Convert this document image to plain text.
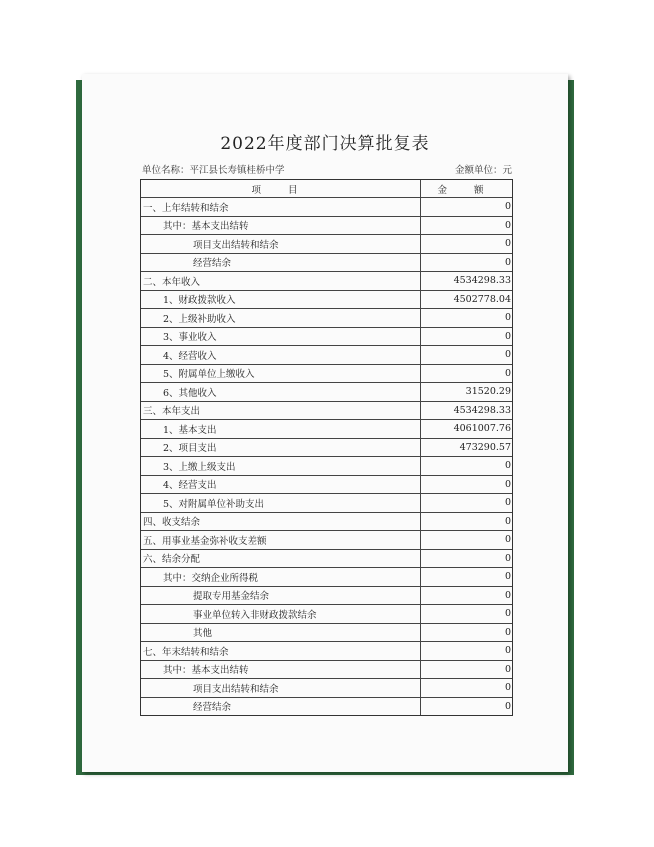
2022年度部门决算批复表
单位名称：平江县长寿镇桂桥中学	金额单位：元
项 目	金 额
一、上年结转和结余	0
其中：基本支出结转	0
项目支出结转和结余	0
经营结余	0
二、本年收入	4534298.33
1、财政拨款收入	4502778.04
2、上级补助收入	0
3、事业收入	0
4、经营收入	0
5、附属单位上缴收入	0
6、其他收入	31520.29
三、本年支出	4534298.33
1、基本支出	4061007.76
2、项目支出	473290.57
3、上缴上级支出	0
4、经营支出	0
5、对附属单位补助支出	0
四、收支结余	0
五、用事业基金弥补收支差额	0
六、结余分配	0
其中：交纳企业所得税	0
提取专用基金结余	0
事业单位转入非财政拨款结余	0
其他	0
七、年末结转和结余	0
其中：基本支出结转	0
项目支出结转和结余	0
经营结余	0
